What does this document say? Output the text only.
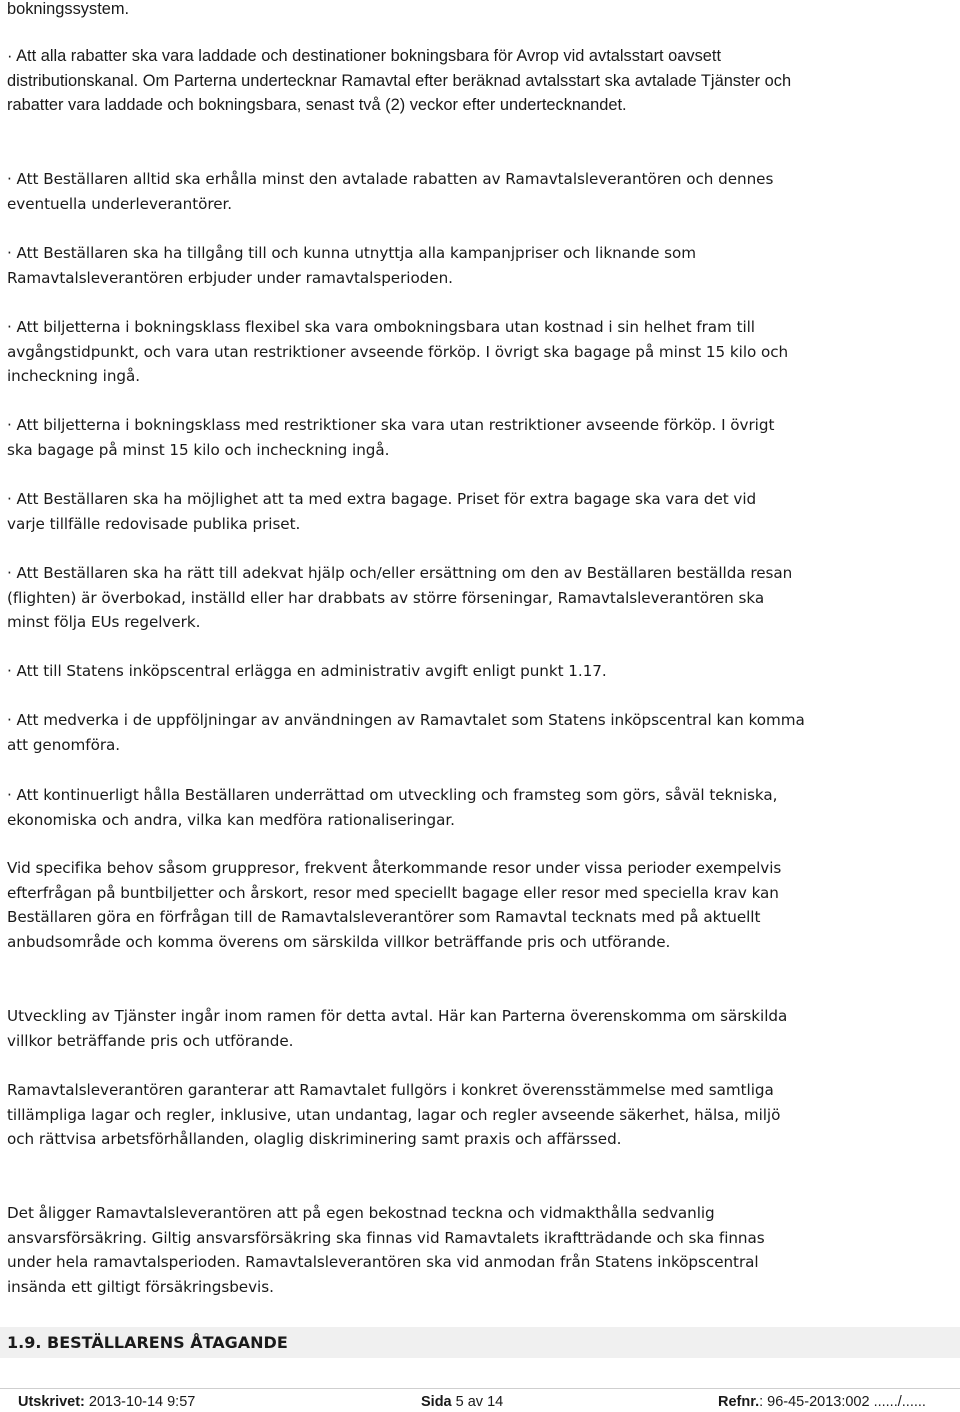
bokningssystem.

· Att alla rabatter ska vara laddade och destinationer bokningsbara för Avrop vid avtalsstart oavsett distributionskanal. Om Parterna undertecknar Ramavtal efter beräknad avtalsstart ska avtalade Tjänster och rabatter vara laddade och bokningsbara, senast två (2) veckor efter undertecknandet.

· Att Beställaren alltid ska erhålla minst den avtalade rabatten av Ramavtalsleverantören och dennes eventuella underleverantörer.

· Att Beställaren ska ha tillgång till och kunna utnyttja alla kampanjpriser och liknande som Ramavtalsleverantören erbjuder under ramavtalsperioden.

· Att biljetterna i bokningsklass flexibel ska vara ombokningsbara utan kostnad i sin helhet fram till avgångstidpunkt, och vara utan restriktioner avseende förköp. I övrigt ska bagage på minst 15 kilo och incheckning ingå.

· Att biljetterna i bokningsklass med restriktioner ska vara utan restriktioner avseende förköp. I övrigt ska bagage på minst 15 kilo och incheckning ingå.

· Att Beställaren ska ha möjlighet att ta med extra bagage. Priset för extra bagage ska vara det vid varje tillfälle redovisade publika priset.

· Att Beställaren ska ha rätt till adekvat hjälp och/eller ersättning om den av Beställaren beställda resan (flighten) är överbokad, inställd eller har drabbats av större förseningar, Ramavtalsleverantören ska minst följa EUs regelverk.

· Att till Statens inköpscentral erlägga en administrativ avgift enligt punkt 1.17.

· Att medverka i de uppföljningar av användningen av Ramavtalet som Statens inköpscentral kan komma att genomföra.

· Att kontinuerligt hålla Beställaren underrättad om utveckling och framsteg som görs, såväl tekniska, ekonomiska och andra, vilka kan medföra rationaliseringar.

Vid specifika behov såsom gruppresor, frekvent återkommande resor under vissa perioder exempelvis efterfrågan på buntbiljetter och årskort, resor med speciellt bagage eller resor med speciella krav kan Beställaren göra en förfrågan till de Ramavtalsleverantörer som Ramavtal tecknats med på aktuellt anbudsområde och komma överens om särskilda villkor beträffande pris och utförande.

Utveckling av Tjänster ingår inom ramen för detta avtal. Här kan Parterna överenskomma om särskilda villkor beträffande pris och utförande.

Ramavtalsleverantören garanterar att Ramavtalet fullgörs i konkret överensstämmelse med samtliga tillämpliga lagar och regler, inklusive, utan undantag, lagar och regler avseende säkerhet, hälsa, miljö och rättvisa arbetsförhållanden, olaglig diskriminering samt praxis och affärssed.

Det åligger Ramavtalsleverantören att på egen bekostnad teckna och vidmakthålla sedvanlig ansvarsförsäkring. Giltig ansvarsförsäkring ska finnas vid Ramavtalets ikraftträdande och ska finnas under hela ramavtalsperioden. Ramavtalsleverantören ska vid anmodan från Statens inköpscentral insända ett giltigt försäkringsbevis.

1.9. BESTÄLLARENS ÅTAGANDE
Utskrivet: 2013-10-14 9:57	Sida 5 av 14	Refnr.: 96-45-2013:002 ....../......
